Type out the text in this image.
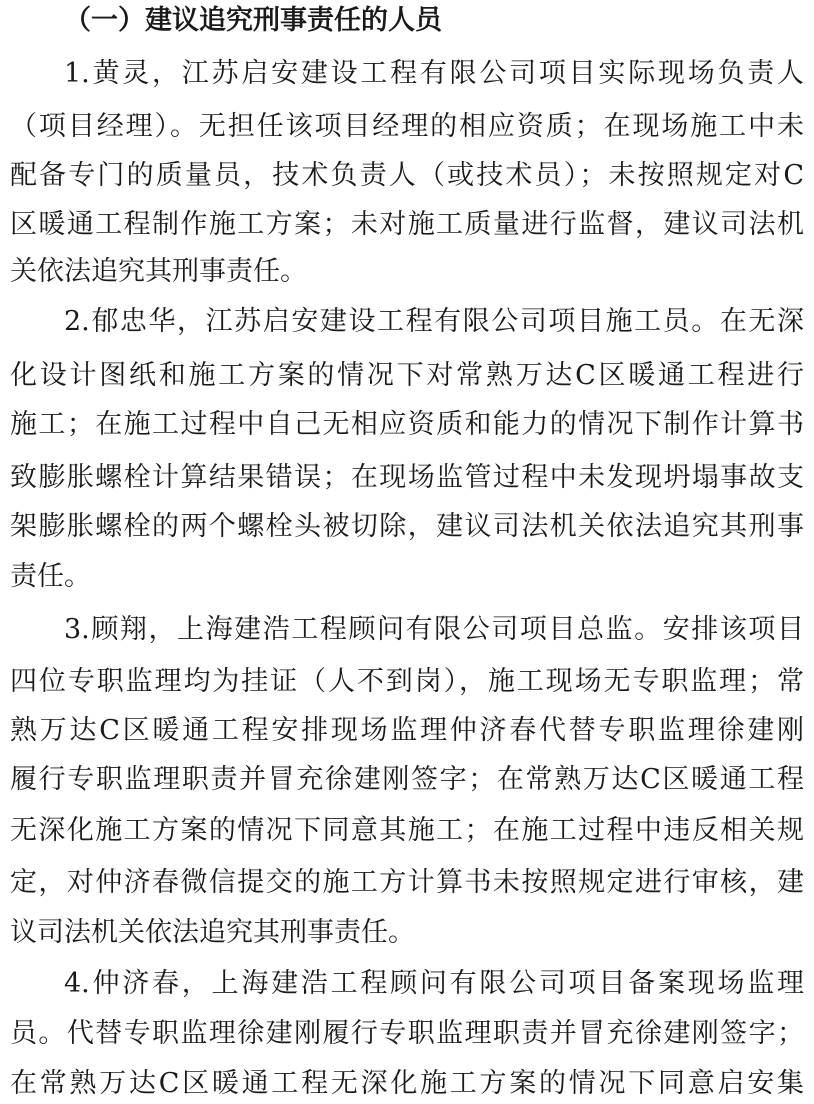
（一）建议追究刑事责任的人员
1.黄灵，江苏启安建设工程有限公司项目实际现场负责人
（项目经理）。无担任该项目经理的相应资质；在现场施工中未
配备专门的质量员，技术负责人（或技术员）；未按照规定对C
区暖通工程制作施工方案；未对施工质量进行监督，建议司法机
关依法追究其刑事责任。
2.郁忠华，江苏启安建设工程有限公司项目施工员。在无深
化设计图纸和施工方案的情况下对常熟万达C区暖通工程进行
施工；在施工过程中自己无相应资质和能力的情况下制作计算书
致膨胀螺栓计算结果错误；在现场监管过程中未发现坍塌事故支
架膨胀螺栓的两个螺栓头被切除，建议司法机关依法追究其刑事
责任。
3.顾翔，上海建浩工程顾问有限公司项目总监。安排该项目
四位专职监理均为挂证（人不到岗），施工现场无专职监理；常
熟万达C区暖通工程安排现场监理仲济春代替专职监理徐建刚
履行专职监理职责并冒充徐建刚签字；在常熟万达C区暖通工程
无深化施工方案的情况下同意其施工；在施工过程中违反相关规
定，对仲济春微信提交的施工方计算书未按照规定进行审核，建
议司法机关依法追究其刑事责任。
4.仲济春，上海建浩工程顾问有限公司项目备案现场监理
员。代替专职监理徐建刚履行专职监理职责并冒充徐建刚签字；
在常熟万达C区暖通工程无深化施工方案的情况下同意启安集
